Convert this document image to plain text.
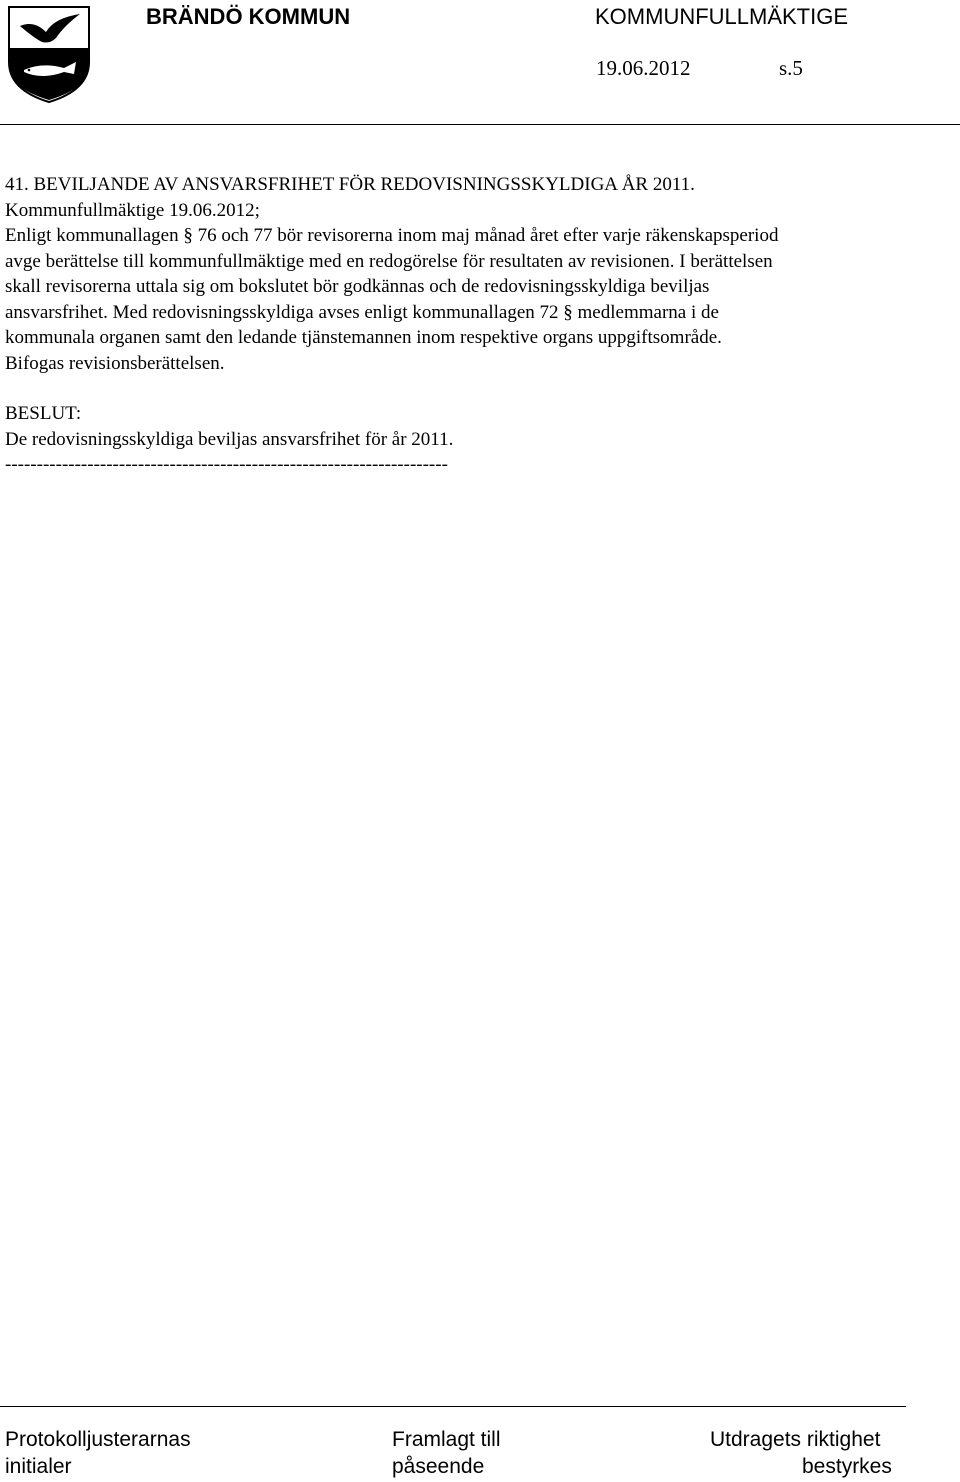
BRÄNDÖ KOMMUN	KOMMUNFULLMÄKTIGE
19.06.2012	s.5

41. BEVILJANDE AV ANSVARSFRIHET FÖR REDOVISNINGSSKYLDIGA ÅR 2011.

Kommunfullmäktige 19.06.2012;

Enligt kommunallagen § 76 och 77 bör revisorerna inom maj månad året efter varje räkenskapsperiod

avge berättelse till kommunfullmäktige med en redogörelse för resultaten av revisionen. I berättelsen

skall revisorerna uttala sig om bokslutet bör godkännas och de redovisningsskyldiga beviljas

ansvarsfrihet. Med redovisningsskyldiga avses enligt kommunallagen 72 § medlemmarna i de

kommunala organen samt den ledande tjänstemannen inom respektive organs uppgiftsområde.

Bifogas revisionsberättelsen.

BESLUT:

De redovisningsskyldiga beviljas ansvarsfrihet för år 2011.

----------------------------------------------------------------------

Protokolljusterarnas
initialer
Framlagt till
påseende
Utdragets riktighet
bestyrkes
